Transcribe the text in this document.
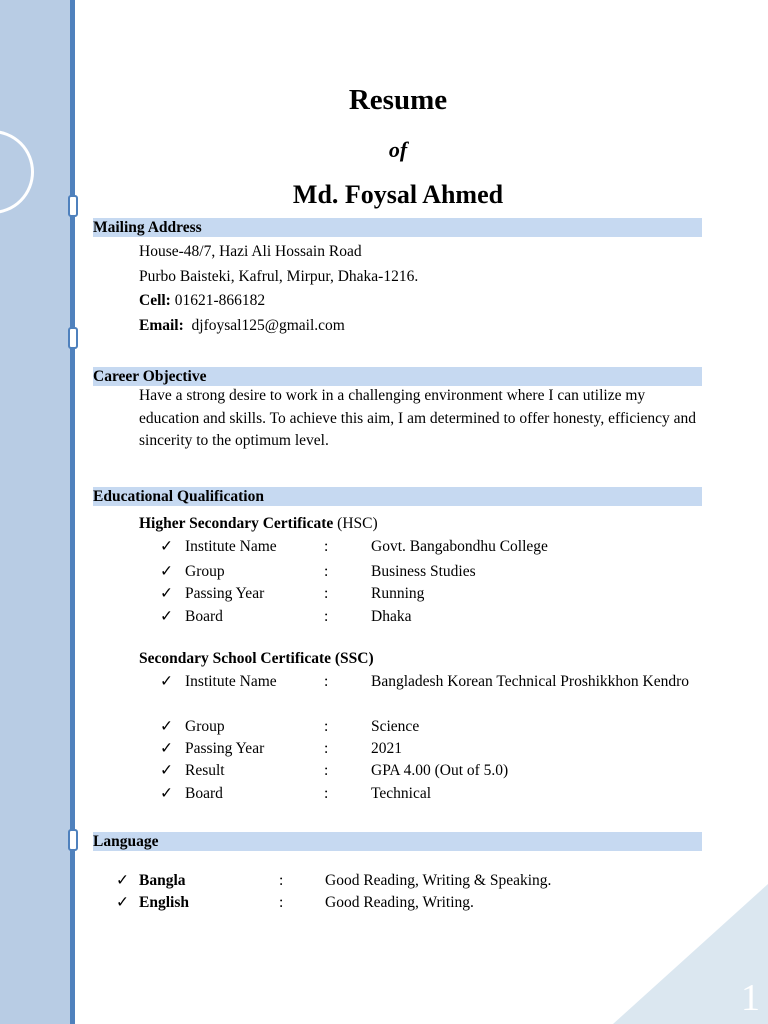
1
Resume
of
Md. Foysal Ahmed
Mailing Address
House-48/7, Hazi Ali Hossain Road
Purbo Baisteki, Kafrul, Mirpur, Dhaka-1216.
Cell: 01621-866182
Email: djfoysal125@gmail.com
Career Objective
Have a strong desire to work in a challenging environment where I can utilize my education and skills. To achieve this aim, I am determined to offer honesty, efficiency and sincerity to the optimum level.
Educational Qualification
Higher Secondary Certificate (HSC)
✓ Institute Name	:	Govt. Bangabondhu College
✓ Group	:	Business Studies
✓ Passing Year	:	Running
✓ Board	:	Dhaka
Secondary School Certificate (SSC)
✓ Institute Name	:	Bangladesh Korean Technical Proshikkhon Kendro
✓ Group	:	Science
✓ Passing Year	:	2021
✓ Result	:	GPA 4.00 (Out of 5.0)
✓ Board	:	Technical
Language
✓ Bangla	:	Good Reading, Writing & Speaking.
✓ English	:	Good Reading, Writing.
